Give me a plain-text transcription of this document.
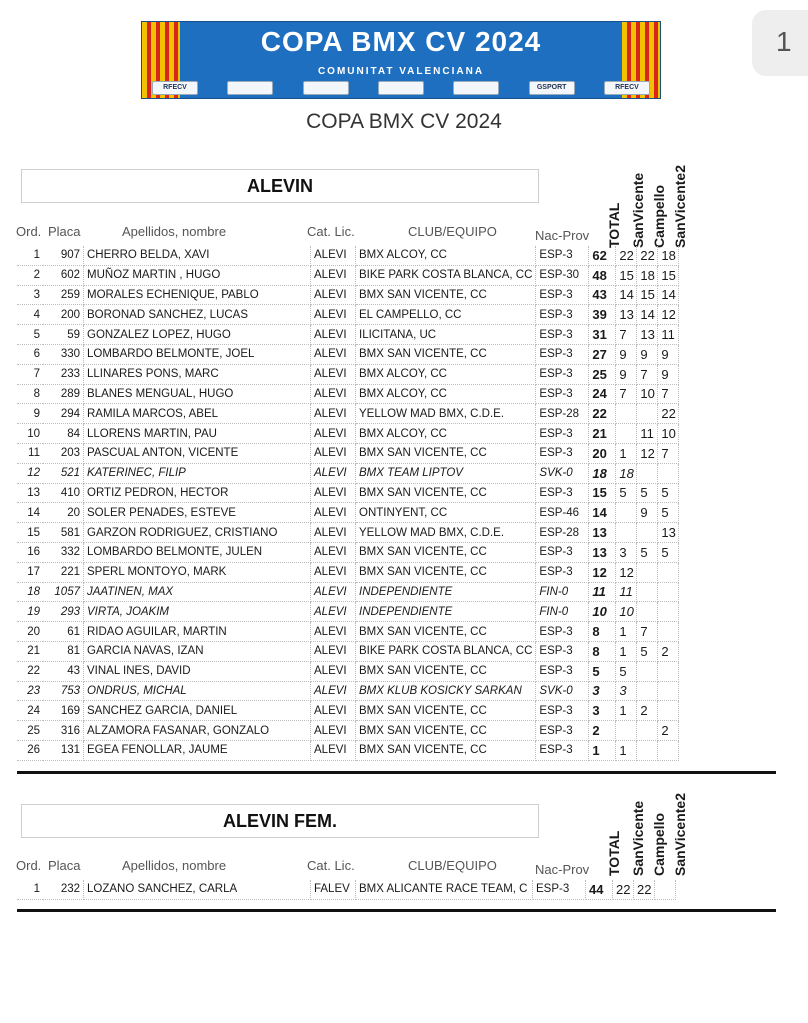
1
COPA BMX CV 2024
COMUNITAT VALENCIANA
RFECV	GSPORT	RFECV
COPA BMX CV 2024
ALEVIN
TOTAL SanVicente Campello SanVicente2
Ord. Placa	Apellidos, nombre	Cat. Lic.	CLUB/EQUIPO	Nac-Prov
1	907	CHERRO BELDA, XAVI	ALEVI	BMX ALCOY, CC	ESP-3	62	22	22	18
2	602	MUÑOZ MARTIN , HUGO	ALEVI	BIKE PARK COSTA BLANCA, CC	ESP-30	48	15	18	15
3	259	MORALES ECHENIQUE, PABLO	ALEVI	BMX SAN VICENTE, CC	ESP-3	43	14	15	14
4	200	BORONAD SANCHEZ, LUCAS	ALEVI	EL CAMPELLO, CC	ESP-3	39	13	14	12
5	59	GONZALEZ LOPEZ, HUGO	ALEVI	ILICITANA, UC	ESP-3	31	7	13	11
6	330	LOMBARDO BELMONTE, JOEL	ALEVI	BMX SAN VICENTE, CC	ESP-3	27	9	9	9
7	233	LLINARES PONS, MARC	ALEVI	BMX ALCOY, CC	ESP-3	25	9	7	9
8	289	BLANES MENGUAL, HUGO	ALEVI	BMX ALCOY, CC	ESP-3	24	7	10	7
9	294	RAMILA MARCOS, ABEL	ALEVI	YELLOW MAD BMX, C.D.E.	ESP-28	22			22
10	84	LLORENS MARTIN, PAU	ALEVI	BMX ALCOY, CC	ESP-3	21		11	10
11	203	PASCUAL ANTON, VICENTE	ALEVI	BMX SAN VICENTE, CC	ESP-3	20	1	12	7
12	521	KATERINEC, FILIP	ALEVI	BMX TEAM LIPTOV	SVK-0	18	18		
13	410	ORTIZ PEDRON, HECTOR	ALEVI	BMX SAN VICENTE, CC	ESP-3	15	5	5	5
14	20	SOLER PENADES, ESTEVE	ALEVI	ONTINYENT, CC	ESP-46	14		9	5
15	581	GARZON RODRIGUEZ, CRISTIANO	ALEVI	YELLOW MAD BMX, C.D.E.	ESP-28	13			13
16	332	LOMBARDO BELMONTE, JULEN	ALEVI	BMX SAN VICENTE, CC	ESP-3	13	3	5	5
17	221	SPERL MONTOYO, MARK	ALEVI	BMX SAN VICENTE, CC	ESP-3	12	12		
18	1057	JAATINEN, MAX	ALEVI	INDEPENDIENTE	FIN-0	11	11		
19	293	VIRTA, JOAKIM	ALEVI	INDEPENDIENTE	FIN-0	10	10		
20	61	RIDAO AGUILAR, MARTIN	ALEVI	BMX SAN VICENTE, CC	ESP-3	8	1	7	
21	81	GARCIA NAVAS, IZAN	ALEVI	BIKE PARK COSTA BLANCA, CC	ESP-3	8	1	5	2
22	43	VINAL INES, DAVID	ALEVI	BMX SAN VICENTE, CC	ESP-3	5	5		
23	753	ONDRUS, MICHAL	ALEVI	BMX KLUB KOSICKY SARKAN	SVK-0	3	3		
24	169	SANCHEZ GARCIA, DANIEL	ALEVI	BMX SAN VICENTE, CC	ESP-3	3	1	2	
25	316	ALZAMORA FASANAR, GONZALO	ALEVI	BMX SAN VICENTE, CC	ESP-3	2			2
26	131	EGEA FENOLLAR, JAUME	ALEVI	BMX SAN VICENTE, CC	ESP-3	1	1		
ALEVIN FEM.
TOTAL SanVicente Campello SanVicente2
Ord. Placa	Apellidos, nombre	Cat. Lic.	CLUB/EQUIPO	Nac-Prov
1	232	LOZANO SANCHEZ, CARLA	FALEV	BMX ALICANTE RACE TEAM, C	ESP-3	44	22	22	
